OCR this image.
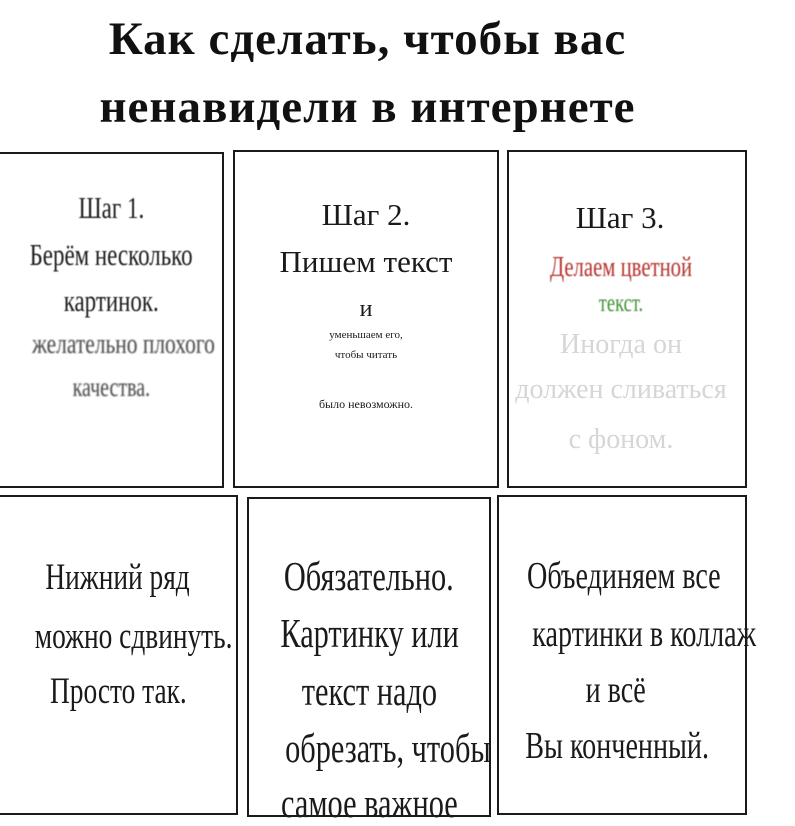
Как сделать, чтобы вас
ненавидели в интернете
Шаг 1.
Берём несколько
картинок.
желательно плохого
качества.
Шаг 2.
Пишем текст
и
уменьшаем его,
чтобы читать
было невозможно.
Шаг 3.
Делаем цветной
текст.
Иногда он
должен сливаться
с фоном.
Нижний ряд
можно сдвинуть.
Просто так.
Обязательно.
Картинку или
текст надо
обрезать, чтобы
самое важное
Объединяем все
картинки в коллаж
и всё
Вы конченный.
